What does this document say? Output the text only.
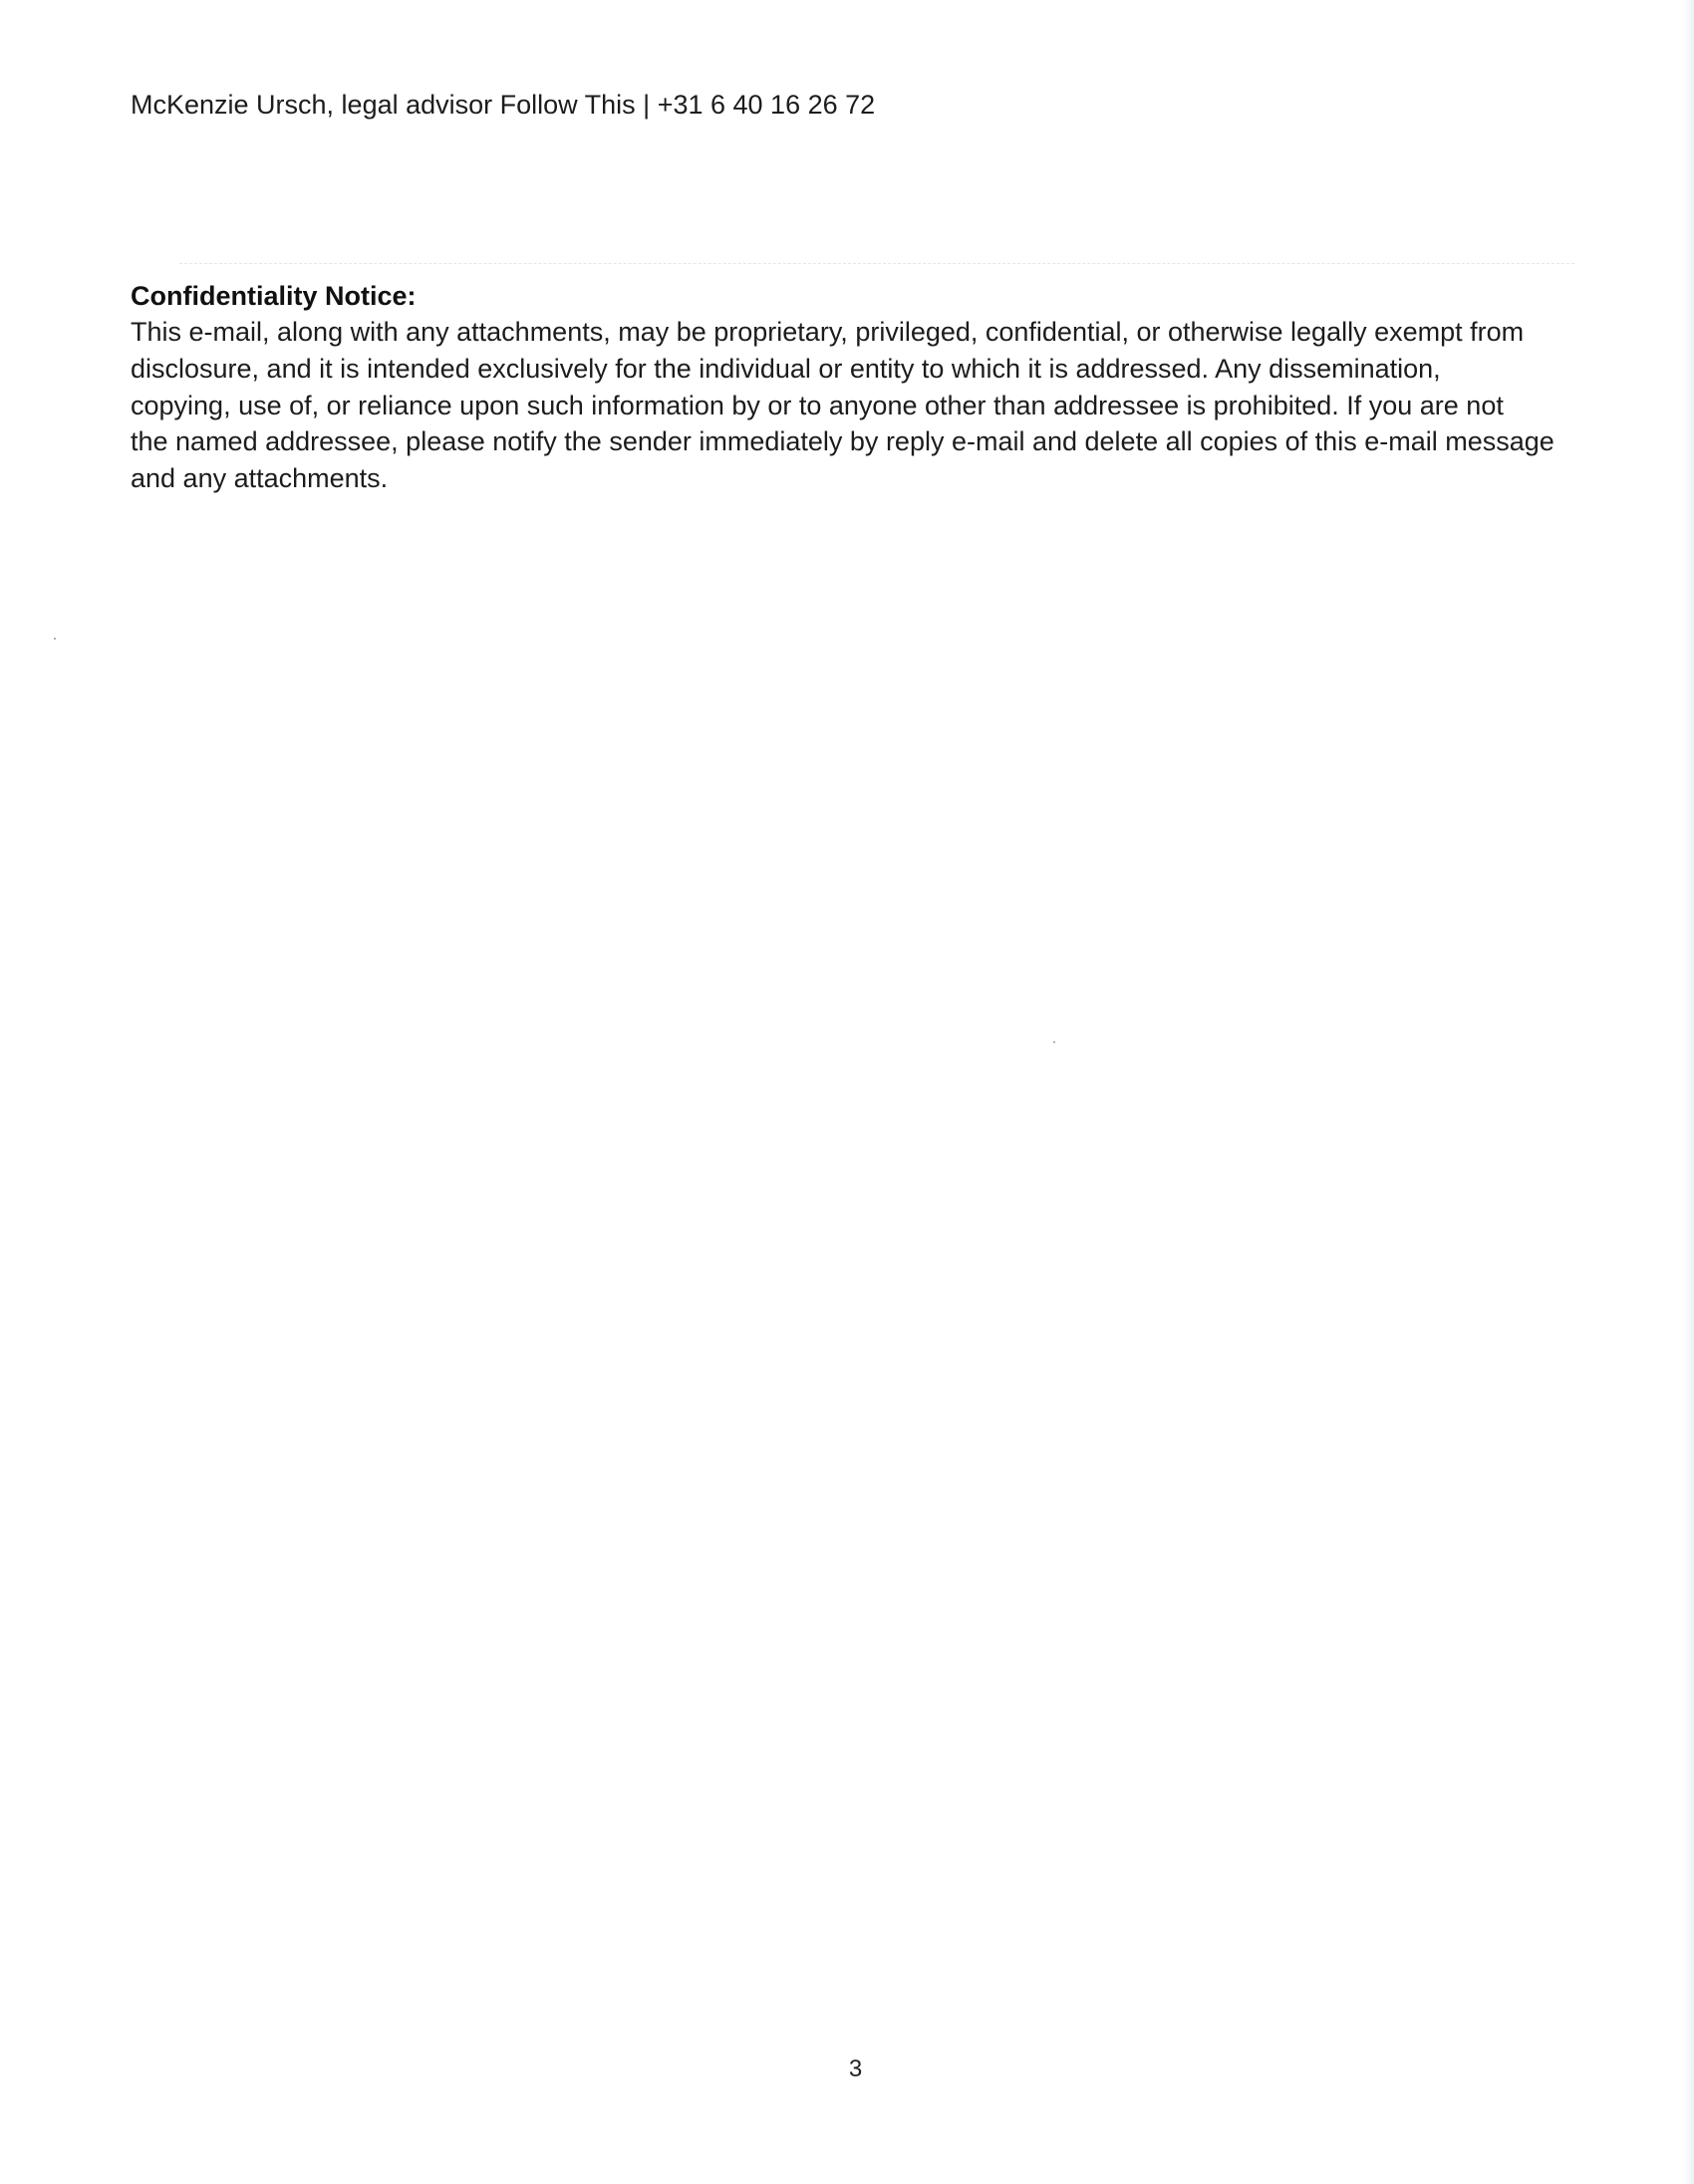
McKenzie Ursch, legal advisor Follow This | +31 6 40 16 26 72

Confidentiality Notice:

This e-mail, along with any attachments, may be proprietary, privileged, confidential, or otherwise legally exempt from

disclosure, and it is intended exclusively for the individual or entity to which it is addressed. Any dissemination,

copying, use of, or reliance upon such information by or to anyone other than addressee is prohibited. If you are not

the named addressee, please notify the sender immediately by reply e-mail and delete all copies of this e-mail message

and any attachments.

3
